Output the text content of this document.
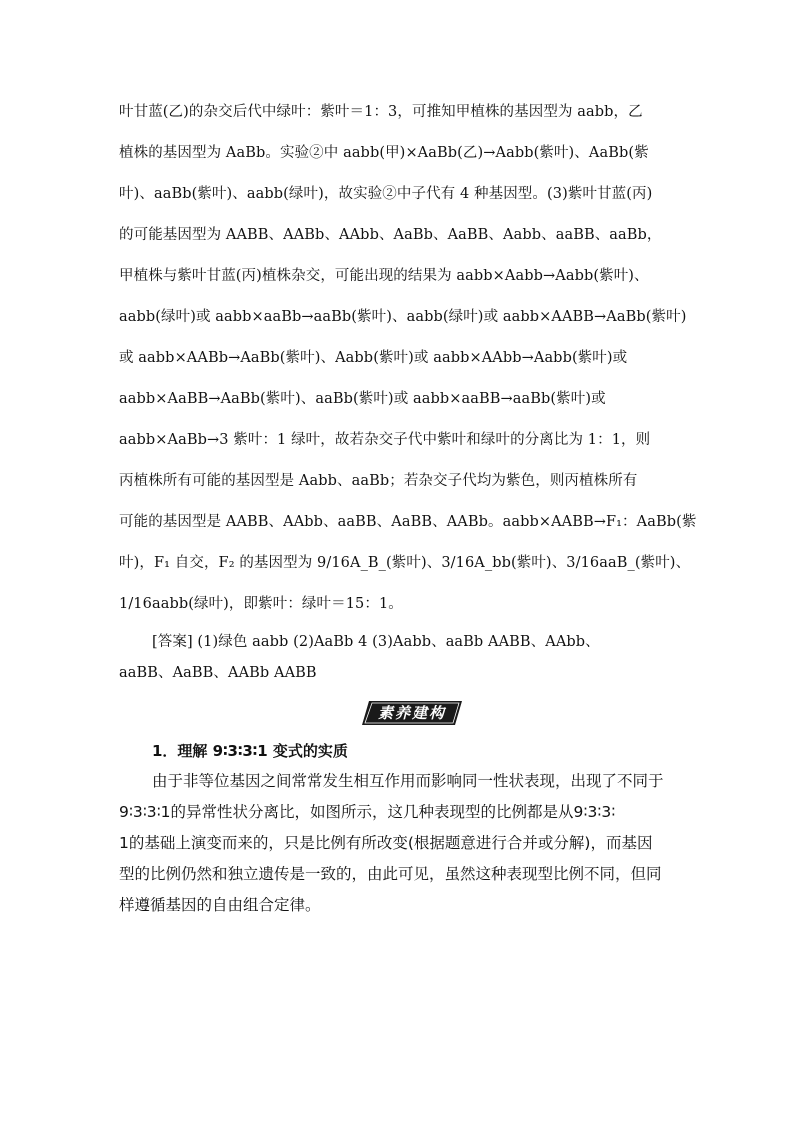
叶甘蓝(乙)的杂交后代中绿叶：紫叶＝1：3，可推知甲植株的基因型为 aabb，乙
植株的基因型为 AaBb。实验②中 aabb(甲)×AaBb(乙)→Aabb(紫叶)、AaBb(紫
叶)、aaBb(紫叶)、aabb(绿叶)，故实验②中子代有 4 种基因型。(3)紫叶甘蓝(丙)
的可能基因型为 AABB、AABb、AAbb、AaBb、AaBB、Aabb、aaBB、aaBb，
甲植株与紫叶甘蓝(丙)植株杂交，可能出现的结果为 aabb×Aabb→Aabb(紫叶)、
aabb(绿叶)或 aabb×aaBb→aaBb(紫叶)、aabb(绿叶)或 aabb×AABB→AaBb(紫叶)
或 aabb×AABb→AaBb(紫叶)、Aabb(紫叶)或 aabb×AAbb→Aabb(紫叶)或
aabb×AaBB→AaBb(紫叶)、aaBb(紫叶)或 aabb×aaBB→aaBb(紫叶)或
aabb×AaBb→3 紫叶：1 绿叶，故若杂交子代中紫叶和绿叶的分离比为 1：1，则
丙植株所有可能的基因型是 Aabb、aaBb；若杂交子代均为紫色，则丙植株所有
可能的基因型是 AABB、AAbb、aaBB、AaBB、AABb。aabb×AABB→F₁：AaBb(紫
叶)，F₁ 自交，F₂ 的基因型为 9/16A_B_(紫叶)、3/16A_bb(紫叶)、3/16aaB_(紫叶)、
1/16aabb(绿叶)，即紫叶：绿叶＝15：1。
[答案] (1)绿色 aabb (2)AaBb 4 (3)Aabb、aaBb AABB、AAbb、
aaBB、AaBB、AABb AABB
素养建构
1．理解 9∶3∶3∶1 变式的实质
由于非等位基因之间常常发生相互作用而影响同一性状表现，出现了不同于
9∶3∶3∶1的异常性状分离比，如图所示，这几种表现型的比例都是从9∶3∶3∶
1的基础上演变而来的，只是比例有所改变(根据题意进行合并或分解)，而基因
型的比例仍然和独立遗传是一致的，由此可见，虽然这种表现型比例不同，但同
样遵循基因的自由组合定律。
